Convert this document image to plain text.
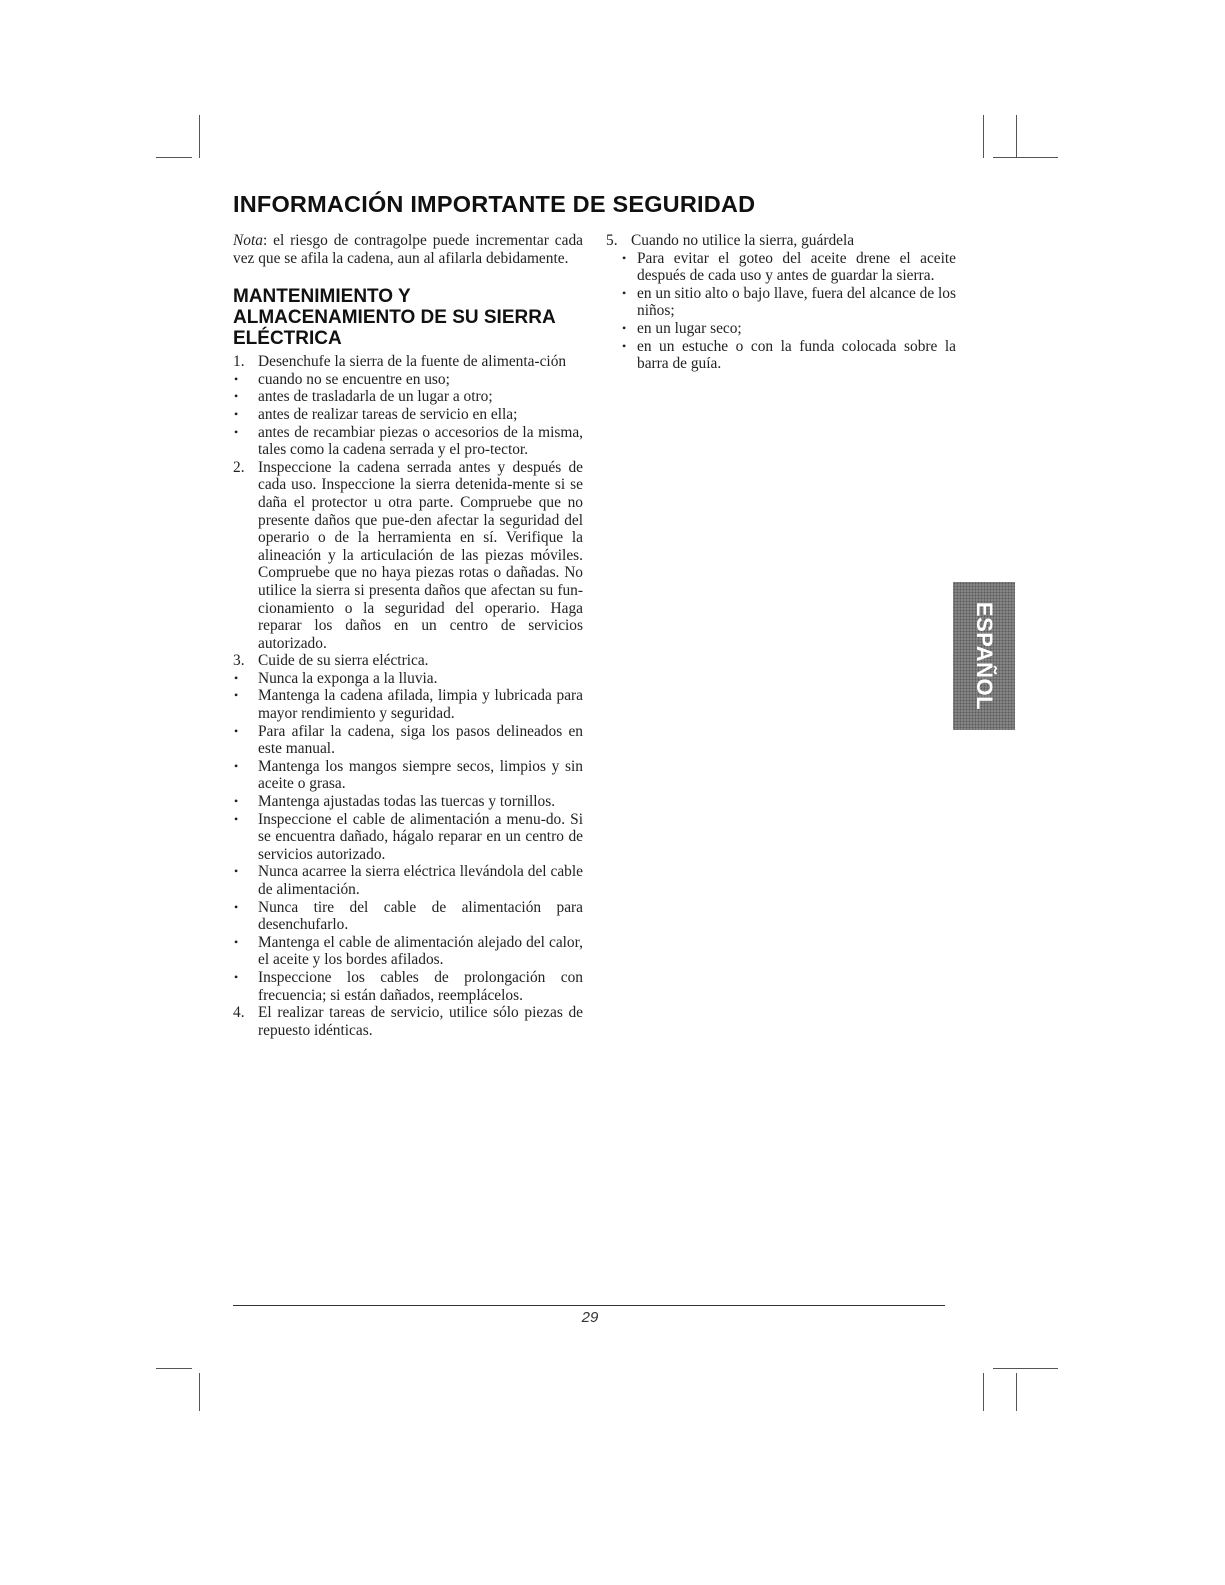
INFORMACIÓN IMPORTANTE DE SEGURIDAD

Nota: el riesgo de contragolpe puede incrementar cada vez que se afila la cadena, aun al afilarla debidamente.

MANTENIMIENTO Y ALMACENAMIENTO DE SU SIERRA ELÉCTRICA
1. Desenchufe la sierra de la fuente de alimenta-ción
•	cuando no se encuentre en uso;
•	antes de trasladarla de un lugar a otro;
•	antes de realizar tareas de servicio en ella;
•	antes de recambiar piezas o accesorios de la misma, tales como la cadena serrada y el pro-tector.
2. Inspeccione la cadena serrada antes y después de cada uso. Inspeccione la sierra detenida-mente si se daña el protector u otra parte. Compruebe que no presente daños que pue-den afectar la seguridad del operario o de la herramienta en sí. Verifique la alineación y la articulación de las piezas móviles. Compruebe que no haya piezas rotas o dañadas. No utilice la sierra si presenta daños que afectan su fun-cionamiento o la seguridad del operario. Haga reparar los daños en un centro de servicios autorizado.
3. Cuide de su sierra eléctrica.
•	Nunca la exponga a la lluvia.
•	Mantenga la cadena afilada, limpia y lubricada para mayor rendimiento y seguridad.
•	Para afilar la cadena, siga los pasos delineados en este manual.
•	Mantenga los mangos siempre secos, limpios y sin aceite o grasa.
•	Mantenga ajustadas todas las tuercas y tornillos.
•	Inspeccione el cable de alimentación a menu-do. Si se encuentra dañado, hágalo reparar en un centro de servicios autorizado.
•	Nunca acarree la sierra eléctrica llevándola del cable de alimentación.
•	Nunca tire del cable de alimentación para desenchufarlo.
•	Mantenga el cable de alimentación alejado del calor, el aceite y los bordes afilados.
•	Inspeccione los cables de prolongación con frecuencia; si están dañados, reemplácelos.
4. El realizar tareas de servicio, utilice sólo piezas de repuesto idénticas.
5. Cuando no utilice la sierra, guárdela
• Para evitar el goteo del aceite drene el aceite después de cada uso y antes de guardar la sierra.
• en un sitio alto o bajo llave, fuera del alcance de los niños;
• en un lugar seco;
• en un estuche o con la funda colocada sobre la barra de guía.
ESPAÑOL
29
